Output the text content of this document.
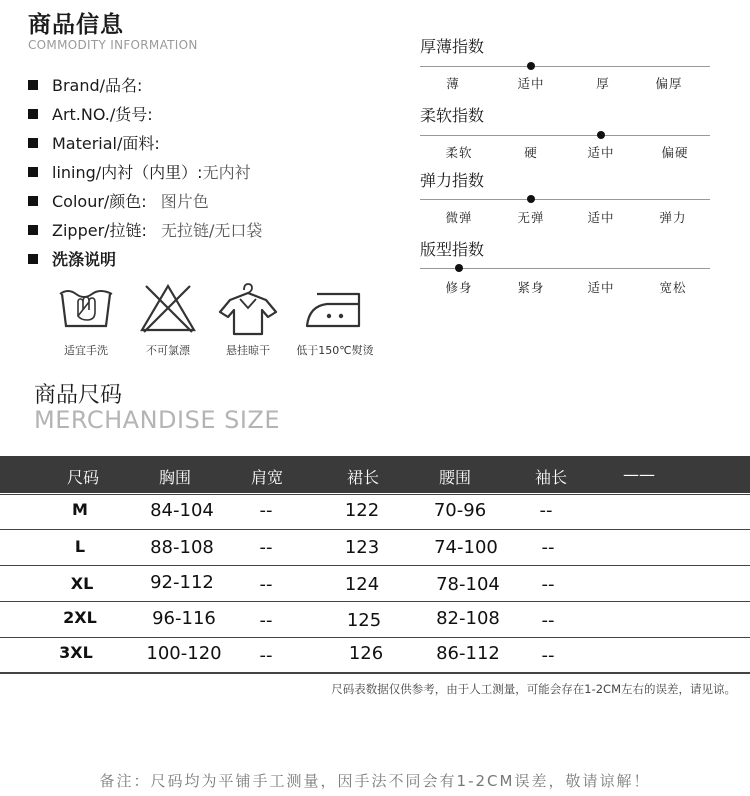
商品信息
COMMODITY INFORMATION
Brand/品名:
Art.NO./货号:
Material/面料:
lining/内衬（内里）:无内衬
Colour/颜色: 图片色
Zipper/拉链: 无拉链/无口袋
洗涤说明
适宜手洗	不可氯漂	悬挂晾干	低于150℃熨烫
厚薄指数
薄	适中	厚	偏厚
柔软指数
柔软	硬	适中	偏硬
弹力指数
微弹	无弹	适中	弹力
版型指数
修身	紧身	适中	宽松
商品尺码
MERCHANDISE SIZE
尺码	胸围	肩宽	裙长	腰围	袖长	——
M	84-104	--	122	70-96	--
L	88-108	--	123	74-100	--
XL	92-112	--	124	78-104	--
2XL	96-116	--	125	82-108	--
3XL	100-120	--	126	86-112	--
尺码表数据仅供参考，由于人工测量，可能会存在1-2CM左右的误差，请见谅。
备注：尺码均为平铺手工测量，因手法不同会有1-2CM误差，敬请谅解！
